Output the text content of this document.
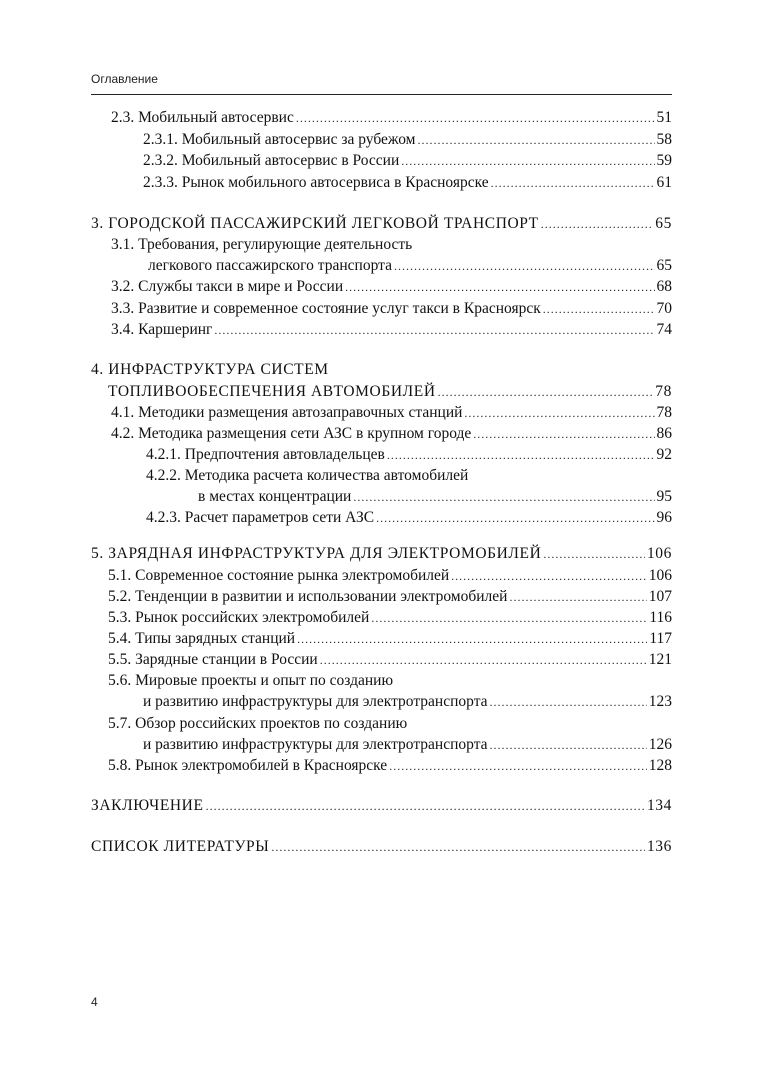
Оглавление
2.3. Мобильный автосервис .....	51
2.3.1. Мобильный автосервис за рубежом .....	58
2.3.2. Мобильный автосервис в России .....	59
2.3.3. Рынок мобильного автосервиса в Красноярске .....	61
3. ГОРОДСКОЙ ПАССАЖИРСКИЙ ЛЕГКОВОЙ ТРАНСПОРТ .....	65
3.1. Требования, регулирующие деятельность
легкового пассажирского транспорта .....	65
3.2. Службы такси в мире и России .....	68
3.3. Развитие и современное состояние услуг такси в Красноярск .....	70
3.4. Каршеринг .....	74
4. ИНФРАСТРУКТУРА СИСТЕМ
ТОПЛИВООБЕСПЕЧЕНИЯ АВТОМОБИЛЕЙ .....	78
4.1. Методики размещения автозаправочных станций .....	78
4.2. Методика размещения сети АЗС в крупном городе .....	86
4.2.1. Предпочтения автовладельцев .....	92
4.2.2. Методика расчета количества автомобилей
в местах концентрации .....	95
4.2.3. Расчет параметров сети АЗС .....	96
5. ЗАРЯДНАЯ ИНФРАСТРУКТУРА ДЛЯ ЭЛЕКТРОМОБИЛЕЙ .....	106
5.1. Современное состояние рынка электромобилей .....	106
5.2. Тенденции в развитии и использовании электромобилей .....	107
5.3. Рынок российских электромобилей .....	116
5.4. Типы зарядных станций .....	117
5.5. Зарядные станции в России .....	121
5.6. Мировые проекты и опыт по созданию
и развитию инфраструктуры для электротранспорта .....	123
5.7. Обзор российских проектов по созданию
и развитию инфраструктуры для электротранспорта .....	126
5.8. Рынок электромобилей в Красноярске .....	128
ЗАКЛЮЧЕНИЕ .....	134
СПИСОК ЛИТЕРАТУРЫ .....	136
4
